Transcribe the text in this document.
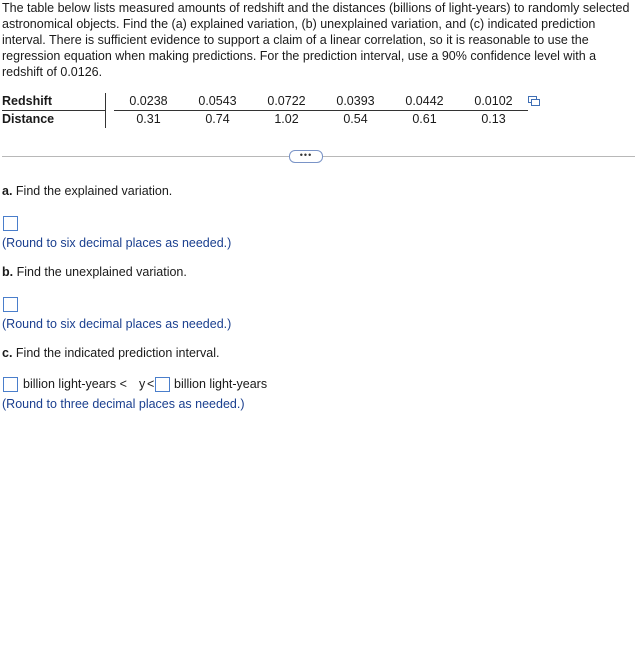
The table below lists measured amounts of redshift and the distances (billions of light-years) to randomly selected astronomical objects. Find the (a) explained variation, (b) unexplained variation, and (c) indicated prediction interval. There is sufficient evidence to support a claim of a linear correlation, so it is reasonable to use the regression equation when making predictions. For the prediction interval, use a 90% confidence level with a redshift of 0.0126.

Redshift		0.0238	0.0543	0.0722	0.0393	0.0442	0.0102
Distance		0.31	0.74	1.02	0.54	0.61	0.13
•••
a. Find the explained variation.
(Round to six decimal places as needed.)
b. Find the unexplained variation.
(Round to six decimal places as needed.)
c. Find the indicated prediction interval.
billion light-years < y < billion light-years
(Round to three decimal places as needed.)
